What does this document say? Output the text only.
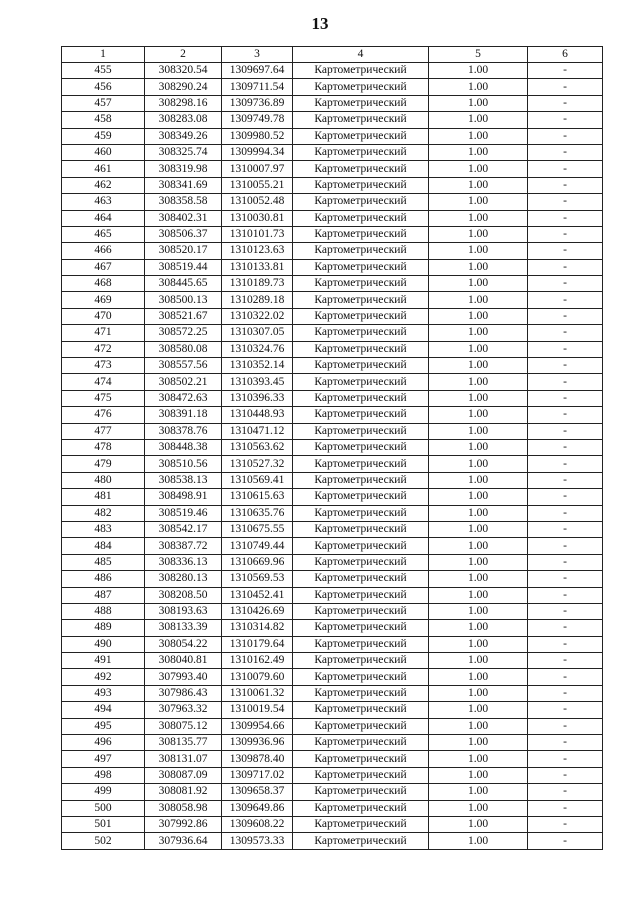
13
1	2	3	4	5	6
455	308320.54	1309697.64	Картометрический	1.00	-
456	308290.24	1309711.54	Картометрический	1.00	-
457	308298.16	1309736.89	Картометрический	1.00	-
458	308283.08	1309749.78	Картометрический	1.00	-
459	308349.26	1309980.52	Картометрический	1.00	-
460	308325.74	1309994.34	Картометрический	1.00	-
461	308319.98	1310007.97	Картометрический	1.00	-
462	308341.69	1310055.21	Картометрический	1.00	-
463	308358.58	1310052.48	Картометрический	1.00	-
464	308402.31	1310030.81	Картометрический	1.00	-
465	308506.37	1310101.73	Картометрический	1.00	-
466	308520.17	1310123.63	Картометрический	1.00	-
467	308519.44	1310133.81	Картометрический	1.00	-
468	308445.65	1310189.73	Картометрический	1.00	-
469	308500.13	1310289.18	Картометрический	1.00	-
470	308521.67	1310322.02	Картометрический	1.00	-
471	308572.25	1310307.05	Картометрический	1.00	-
472	308580.08	1310324.76	Картометрический	1.00	-
473	308557.56	1310352.14	Картометрический	1.00	-
474	308502.21	1310393.45	Картометрический	1.00	-
475	308472.63	1310396.33	Картометрический	1.00	-
476	308391.18	1310448.93	Картометрический	1.00	-
477	308378.76	1310471.12	Картометрический	1.00	-
478	308448.38	1310563.62	Картометрический	1.00	-
479	308510.56	1310527.32	Картометрический	1.00	-
480	308538.13	1310569.41	Картометрический	1.00	-
481	308498.91	1310615.63	Картометрический	1.00	-
482	308519.46	1310635.76	Картометрический	1.00	-
483	308542.17	1310675.55	Картометрический	1.00	-
484	308387.72	1310749.44	Картометрический	1.00	-
485	308336.13	1310669.96	Картометрический	1.00	-
486	308280.13	1310569.53	Картометрический	1.00	-
487	308208.50	1310452.41	Картометрический	1.00	-
488	308193.63	1310426.69	Картометрический	1.00	-
489	308133.39	1310314.82	Картометрический	1.00	-
490	308054.22	1310179.64	Картометрический	1.00	-
491	308040.81	1310162.49	Картометрический	1.00	-
492	307993.40	1310079.60	Картометрический	1.00	-
493	307986.43	1310061.32	Картометрический	1.00	-
494	307963.32	1310019.54	Картометрический	1.00	-
495	308075.12	1309954.66	Картометрический	1.00	-
496	308135.77	1309936.96	Картометрический	1.00	-
497	308131.07	1309878.40	Картометрический	1.00	-
498	308087.09	1309717.02	Картометрический	1.00	-
499	308081.92	1309658.37	Картометрический	1.00	-
500	308058.98	1309649.86	Картометрический	1.00	-
501	307992.86	1309608.22	Картометрический	1.00	-
502	307936.64	1309573.33	Картометрический	1.00	-
